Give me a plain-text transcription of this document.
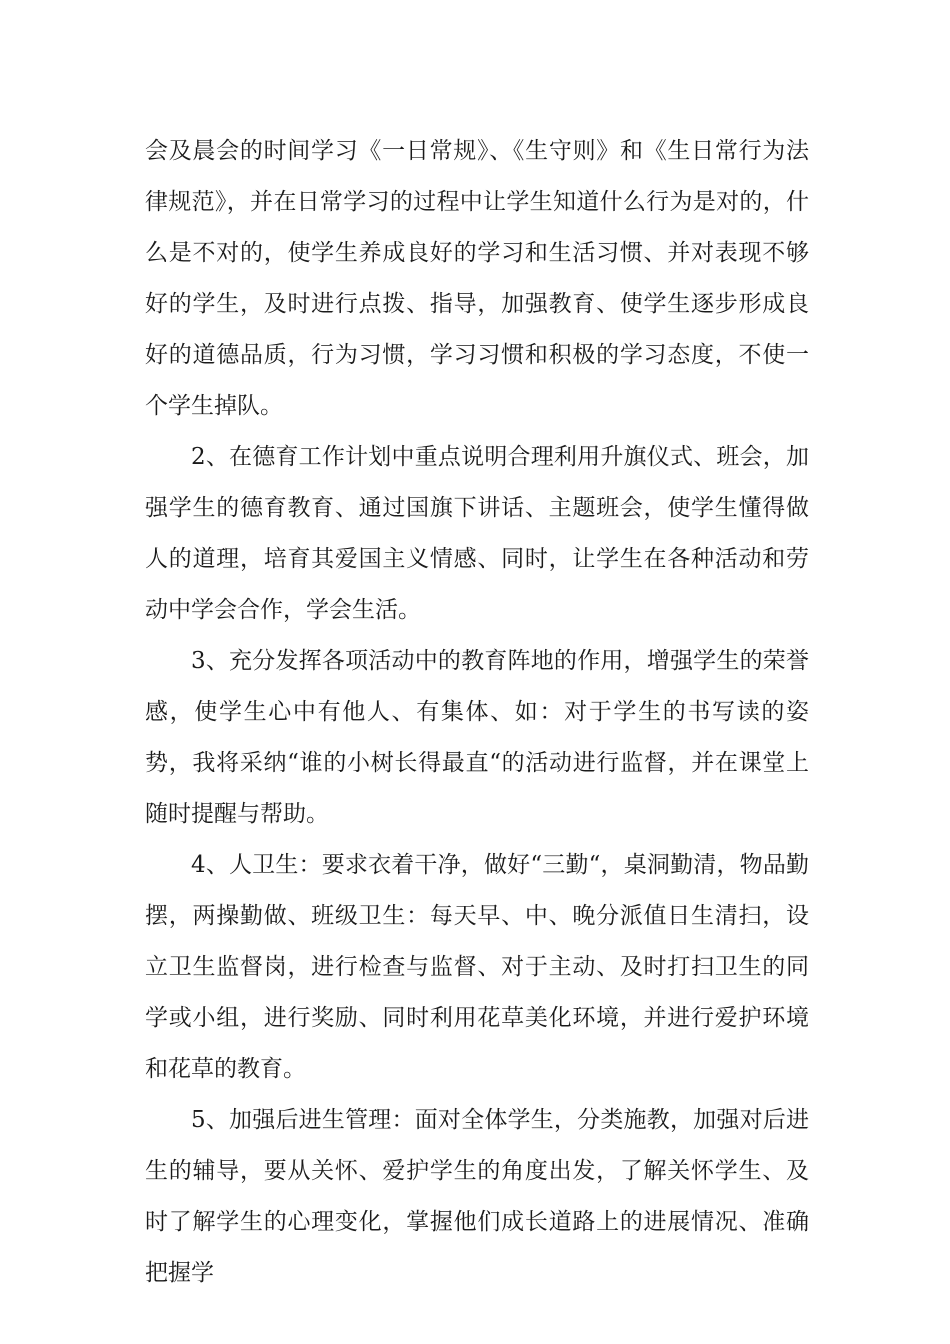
会及晨会的时间学习《一日常规》、《生守则》和《生日常行为法律规范》，并在日常学习的过程中让学生知道什么行为是对的，什么是不对的，使学生养成良好的学习和生活习惯、并对表现不够好的学生，及时进行点拨、指导，加强教育、使学生逐步形成良好的道德品质，行为习惯，学习习惯和积极的学习态度，不使一个学生掉队。

2、在德育工作计划中重点说明合理利用升旗仪式、班会，加强学生的德育教育、通过国旗下讲话、主题班会，使学生懂得做人的道理，培育其爱国主义情感、同时，让学生在各种活动和劳动中学会合作，学会生活。

3、充分发挥各项活动中的教育阵地的作用，增强学生的荣誉感，使学生心中有他人、有集体、如：对于学生的书写读的姿势，我将采纳“谁的小树长得最直“的活动进行监督，并在课堂上随时提醒与帮助。

4、人卫生：要求衣着干净，做好“三勤“，桌洞勤清，物品勤摆，两操勤做、班级卫生：每天早、中、晚分派值日生清扫，设立卫生监督岗，进行检查与监督、对于主动、及时打扫卫生的同学或小组，进行奖励、同时利用花草美化环境，并进行爱护环境和花草的教育。

5、加强后进生管理：面对全体学生，分类施教，加强对后进生的辅导，要从关怀、爱护学生的角度出发，了解关怀学生、及时了解学生的心理变化，掌握他们成长道路上的进展情况、准确把握学
